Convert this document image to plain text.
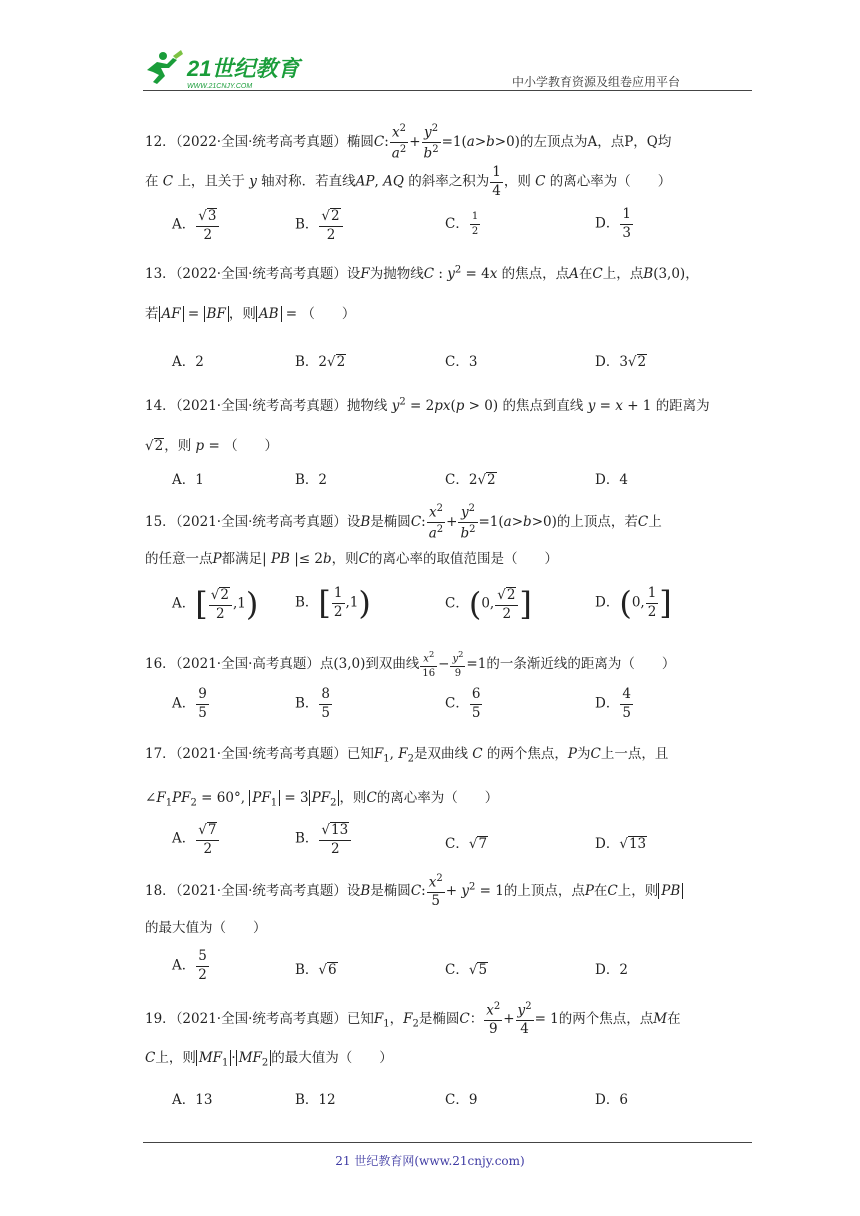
21世纪教育
WWW.21CNJY.COM	中小学教育资源及组卷应用平台
12．（2022·全国·统考高考真题）椭圆C: $\frac{x^2}{a^2} + \frac{y^2}{b^2} =1(a>b>0)$的左顶点为A，点P，Q均
在 C 上，且关于 y 轴对称．若直线AP, AQ 的斜率之积为 $\frac{1}{4}$ ，则 C 的离心率为（　　）
A． √ $\frac{3}{2}$	B． √ $\frac{2}{2}$	C． $\frac{1}{2}$	D． $\frac{1}{3}$
13．（2022·全国·统考高考真题）设F为抛物线C : $y^2 = 4x$ 的焦点，点A在C上，点B(3,0)，
若 AF = BF ，则 AB = （　　）
A．2	B．2 √ 2	C．3	D．3 √ 2
14．（2021·全国·统考高考真题）抛物线 $y^2 = 2px(p > 0)$ 的焦点到直线 y = x + 1 的距离为
√ 2，则 p = （　　）
A．1	B．2	C．2 √ 2	D．4
15．（2021·全国·统考高考真题）设B是椭圆C: $\frac{x^2}{a^2} + \frac{y^2}{b^2} =1(a>b>0)$的上顶点，若C上
的任意一点P都满足| PB |≤ 2b，则C的离心率的取值范围是（　　）
A．[ √ $\frac{2}{2} ,1$)	B．[ $\frac{1}{2} ,1$)	C．(0, √ $\frac{2}{2}$ ]	D．(0, $\frac{1}{2}$ ]
16．（2021·全国·高考真题）点(3,0)到双曲线 $\frac{x^2}{16} - \frac{y^2}{9} =1$的一条渐近线的距离为（　　）
A． $\frac{9}{5}$	B． $\frac{8}{5}$	C． $\frac{6}{5}$	D． $\frac{4}{5}$
17．（2021·全国·统考高考真题）已知$F_1$, $F_2$是双曲线 C 的两个焦点，P为C上一点，且
$\angle F_1PF_2 = 60^\circ$, $PF_1 = 3$ $PF_2$ ，则C的离心率为（　　）
A． √ $\frac{7}{2}$	B． √ $\frac{13}{2}$	C． √ 7	D． √ 13
18．（2021·全国·统考高考真题）设B是椭圆C: $\frac{x^2}{5} + y^2 = 1$的上顶点，点P在C上，则 PB
的最大值为（　　）
A． $\frac{5}{2}$	B． √ 6	C． √ 5	D．2
19．（2021·全国·统考高考真题）已知$F_1$，$F_2$是椭圆C： $\frac{x^2}{9} + \frac{y^2}{4} = 1$的两个焦点，点M在
C上，则 $MF_1 \cdot MF_2$ 的最大值为（　　）
A．13	B．12	C．9	D．6
21 世纪教育网(www.21cnjy.com)
